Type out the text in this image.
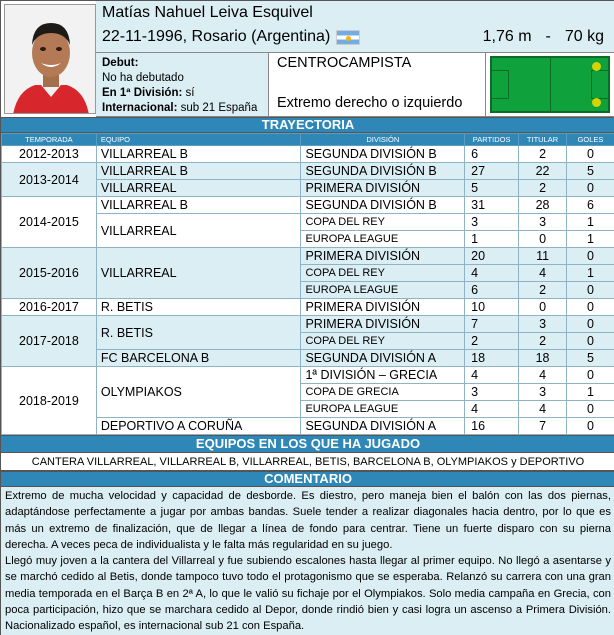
Matías Nahuel Leiva Esquivel
22-11-1996, Rosario (Argentina)	1,76 m - 70 kg
Debut:
No ha debutado
En 1ª División: sí
Internacional: sub 21 España
CENTROCAMPISTA
Extremo derecho o izquierdo
TRAYECTORIA
TEMPORADA	EQUIPO	DIVISIÓN	PARTIDOS	TITULAR	GOLES
2012-2013	VILLARREAL B	SEGUNDA DIVISIÓN B	6	2	0
2013-2014	VILLARREAL B	SEGUNDA DIVISIÓN B	27	22	5
	VILLARREAL	PRIMERA DIVISIÓN	5	2	0
2014-2015	VILLARREAL B	SEGUNDA DIVISIÓN B	31	28	6
	VILLARREAL	COPA DEL REY	3	3	1
		EUROPA LEAGUE	1	0	1
2015-2016	VILLARREAL	PRIMERA DIVISIÓN	20	11	0
		COPA DEL REY	4	4	1
		EUROPA LEAGUE	6	2	0
2016-2017	R. BETIS	PRIMERA DIVISIÓN	10	0	0
2017-2018	R. BETIS	PRIMERA DIVISIÓN	7	3	0
		COPA DEL REY	2	2	0
	FC BARCELONA B	SEGUNDA DIVISIÓN A	18	18	5
2018-2019	OLYMPIAKOS	1ª DIVISIÓN – GRECIA	4	4	0
		COPA DE GRECIA	3	3	1
		EUROPA LEAGUE	4	4	0
	DEPORTIVO A CORUÑA	SEGUNDA DIVISIÓN A	16	7	0
EQUIPOS EN LOS QUE HA JUGADO
CANTERA VILLARREAL, VILLARREAL B, VILLARREAL, BETIS, BARCELONA B, OLYMPIAKOS y DEPORTIVO
COMENTARIO

Extremo de mucha velocidad y capacidad de desborde. Es diestro, pero maneja bien el balón con las dos piernas, adaptándose perfectamente a jugar por ambas bandas. Suele tender a realizar diagonales hacia dentro, por lo que es más un extremo de finalización, que de llegar a línea de fondo para centrar. Tiene un fuerte disparo con su pierna derecha. A veces peca de individualista y le falta más regularidad en su juego.

Llegó muy joven a la cantera del Villarreal y fue subiendo escalones hasta llegar al primer equipo. No llegó a asentarse y se marchó cedido al Betis, donde tampoco tuvo todo el protagonismo que se esperaba. Relanzó su carrera con una gran media temporada en el Barça B en 2ª A, lo que le valió su fichaje por el Olympiakos. Solo media campaña en Grecia, con poca participación, hizo que se marchara cedido al Depor, donde rindió bien y casi logra un ascenso a Primera División. Nacionalizado español, es internacional sub 21 con España.
